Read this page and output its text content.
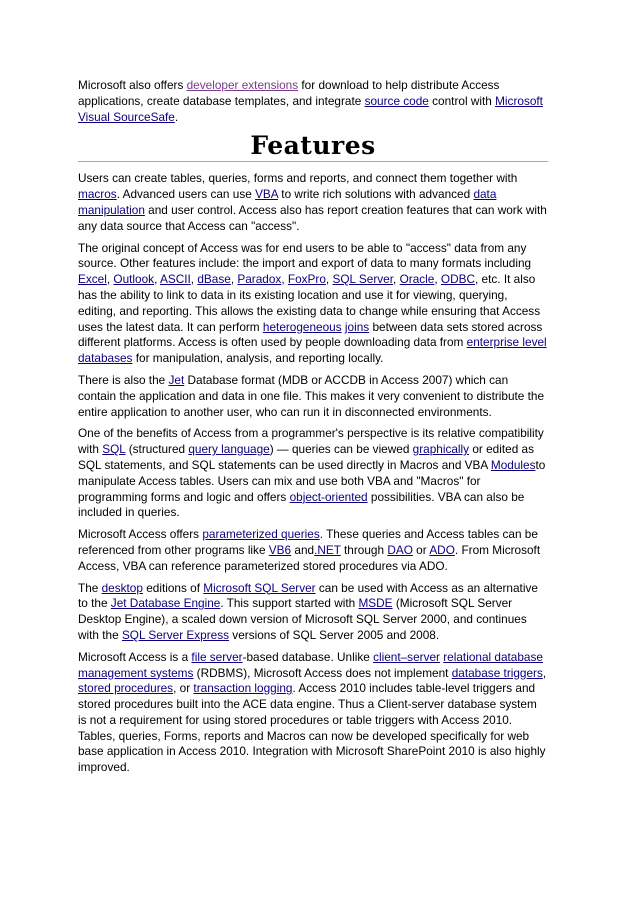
Microsoft also offers developer extensions for download to help distribute Access applications, create database templates, and integrate source code control with Microsoft Visual SourceSafe.

Features

Users can create tables, queries, forms and reports, and connect them together with macros. Advanced users can use VBA to write rich solutions with advanced data manipulation and user control. Access also has report creation features that can work with any data source that Access can "access".

The original concept of Access was for end users to be able to "access" data from any source. Other features include: the import and export of data to many formats including Excel, Outlook, ASCII, dBase, Paradox, FoxPro, SQL Server, Oracle, ODBC, etc. It also has the ability to link to data in its existing location and use it for viewing, querying, editing, and reporting. This allows the existing data to change while ensuring that Access uses the latest data. It can perform heterogeneous joins between data sets stored across different platforms. Access is often used by people downloading data from enterprise level databases for manipulation, analysis, and reporting locally.

There is also the Jet Database format (MDB or ACCDB in Access 2007) which can contain the application and data in one file. This makes it very convenient to distribute the entire application to another user, who can run it in disconnected environments.

One of the benefits of Access from a programmer's perspective is its relative compatibility with SQL (structured query language) — queries can be viewed graphically or edited as SQL statements, and SQL statements can be used directly in Macros and VBA Modulesto manipulate Access tables. Users can mix and use both VBA and "Macros" for programming forms and logic and offers object-oriented possibilities. VBA can also be included in queries.

Microsoft Access offers parameterized queries. These queries and Access tables can be referenced from other programs like VB6 and.NET through DAO or ADO. From Microsoft Access, VBA can reference parameterized stored procedures via ADO.

The desktop editions of Microsoft SQL Server can be used with Access as an alternative to the Jet Database Engine. This support started with MSDE (Microsoft SQL Server Desktop Engine), a scaled down version of Microsoft SQL Server 2000, and continues with the SQL Server Express versions of SQL Server 2005 and 2008.

Microsoft Access is a file server-based database. Unlike client–server relational database management systems (RDBMS), Microsoft Access does not implement database triggers, stored procedures, or transaction logging. Access 2010 includes table-level triggers and stored procedures built into the ACE data engine. Thus a Client-server database system is not a requirement for using stored procedures or table triggers with Access 2010. Tables, queries, Forms, reports and Macros can now be developed specifically for web base application in Access 2010. Integration with Microsoft SharePoint 2010 is also highly improved.
